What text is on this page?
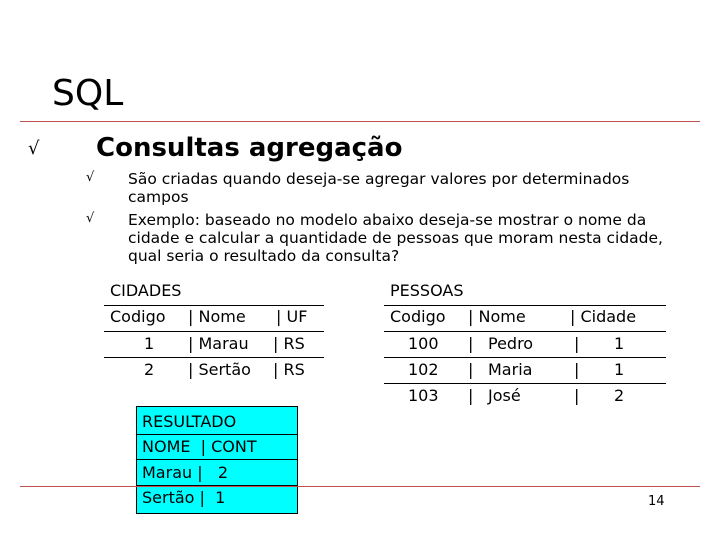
SQL
√ Consultas agregação
√ São criadas quando deseja-se agregar valores por determinados campos
√ Exemplo: baseado no modelo abaixo deseja-se mostrar o nome da cidade e calcular a quantidade de pessoas que moram nesta cidade, qual seria o resultado da consulta?
CIDADES
Codigo | Nome | UF
1 | Marau | RS
2 | Sertão | RS
PESSOAS
Codigo | Nome	| Cidade
100 | Pedro	| 1
102 | Maria	| 1
103 | José	| 2
RESULTADO
NOME  | CONT
Marau |   2
Sertão |  1	14
